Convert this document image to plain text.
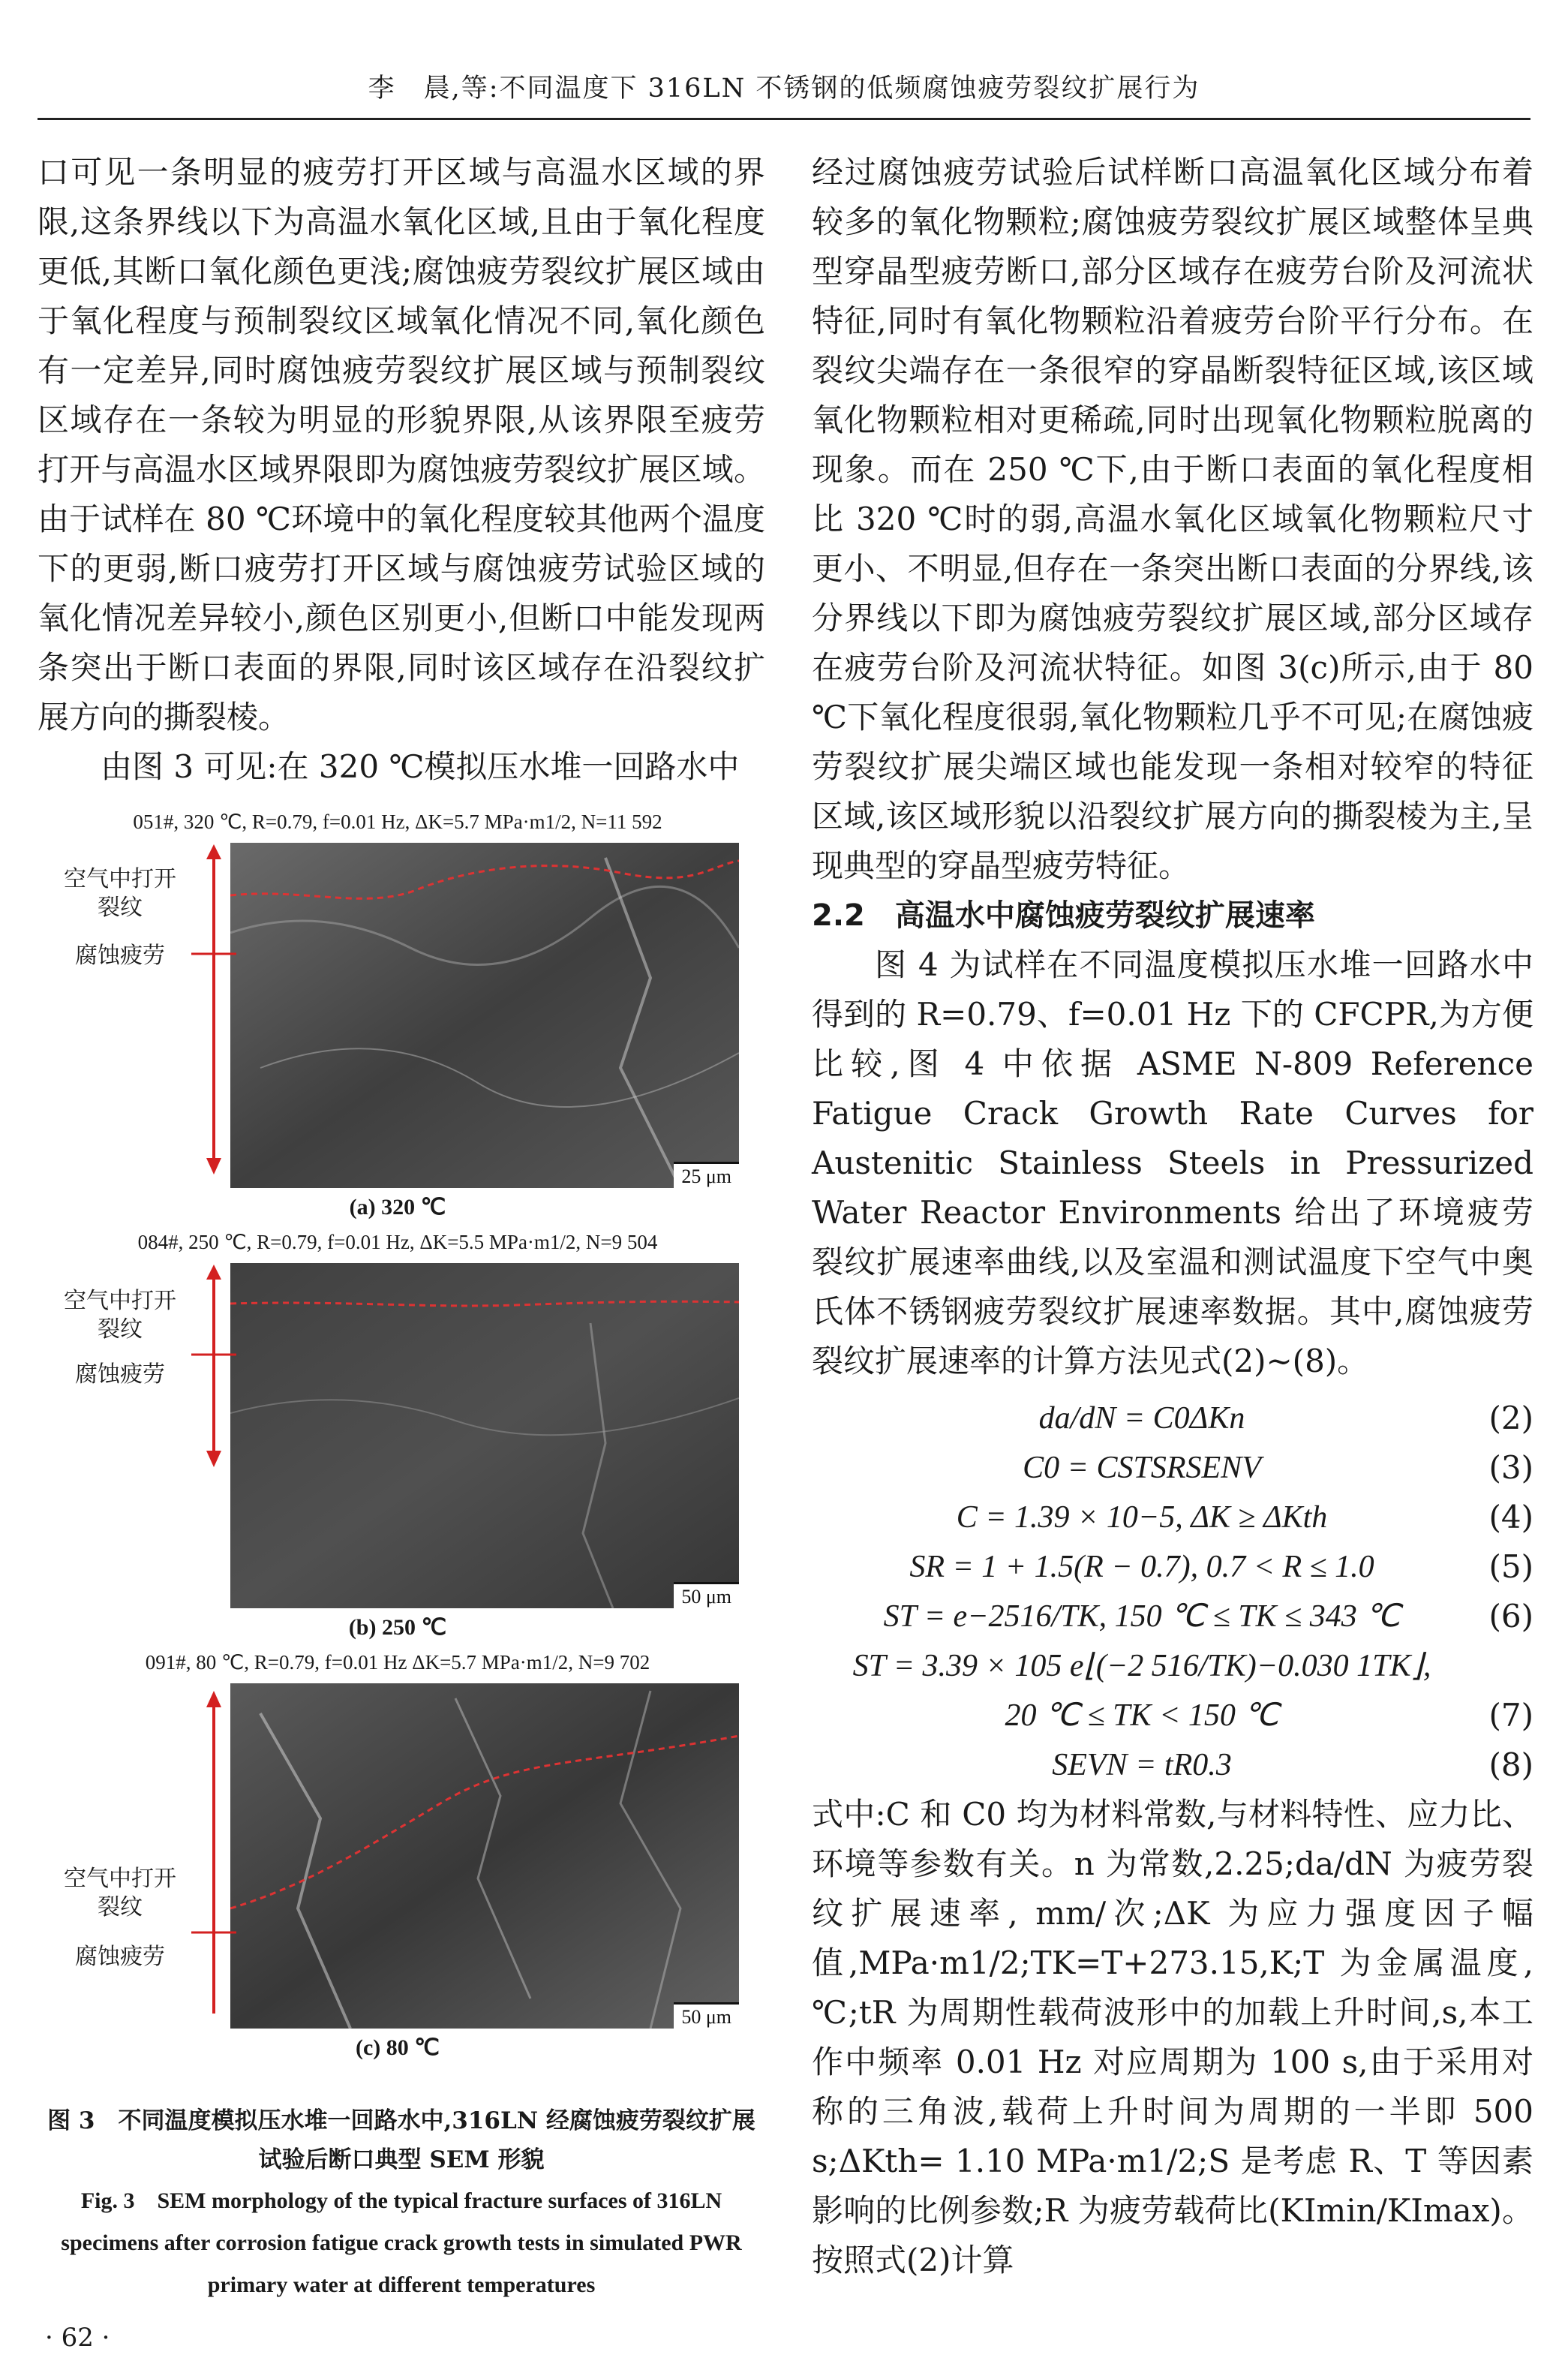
李　晨,等:不同温度下 316LN 不锈钢的低频腐蚀疲劳裂纹扩展行为

口可见一条明显的疲劳打开区域与高温水区域的界限,这条界线以下为高温水氧化区域,且由于氧化程度更低,其断口氧化颜色更浅;腐蚀疲劳裂纹扩展区域由于氧化程度与预制裂纹区域氧化情况不同,氧化颜色有一定差异,同时腐蚀疲劳裂纹扩展区域与预制裂纹区域存在一条较为明显的形貌界限,从该界限至疲劳打开与高温水区域界限即为腐蚀疲劳裂纹扩展区域。由于试样在 80 ℃环境中的氧化程度较其他两个温度下的更弱,断口疲劳打开区域与腐蚀疲劳试验区域的氧化情况差异较小,颜色区别更小,但断口中能发现两条突出于断口表面的界限,同时该区域存在沿裂纹扩展方向的撕裂棱。

由图 3 可见:在 320 ℃模拟压水堆一回路水中

051#, 320 ℃, R=0.79, f=0.01 Hz, ΔK=5.7 MPa·m1/2, N=11 592
25 μm
空气中打开裂纹
腐蚀疲劳
(a) 320 ℃
084#, 250 ℃, R=0.79, f=0.01 Hz, ΔK=5.5 MPa·m1/2, N=9 504
50 μm
空气中打开裂纹
腐蚀疲劳
(b) 250 ℃
091#, 80 ℃, R=0.79, f=0.01 Hz ΔK=5.7 MPa·m1/2, N=9 702
50 μm
空气中打开裂纹
腐蚀疲劳
(c) 80 ℃
图 3　不同温度模拟压水堆一回路水中,316LN 经腐蚀疲劳裂纹扩展试验后断口典型 SEM 形貌
Fig. 3　SEM morphology of the typical fracture surfaces of 316LN specimens after corrosion fatigue crack growth tests in simulated PWR primary water at different temperatures

经过腐蚀疲劳试验后试样断口高温氧化区域分布着较多的氧化物颗粒;腐蚀疲劳裂纹扩展区域整体呈典型穿晶型疲劳断口,部分区域存在疲劳台阶及河流状特征,同时有氧化物颗粒沿着疲劳台阶平行分布。在裂纹尖端存在一条很窄的穿晶断裂特征区域,该区域氧化物颗粒相对更稀疏,同时出现氧化物颗粒脱离的现象。而在 250 ℃下,由于断口表面的氧化程度相比 320 ℃时的弱,高温水氧化区域氧化物颗粒尺寸更小、不明显,但存在一条突出断口表面的分界线,该分界线以下即为腐蚀疲劳裂纹扩展区域,部分区域存在疲劳台阶及河流状特征。如图 3(c)所示,由于 80 ℃下氧化程度很弱,氧化物颗粒几乎不可见;在腐蚀疲劳裂纹扩展尖端区域也能发现一条相对较窄的特征区域,该区域形貌以沿裂纹扩展方向的撕裂棱为主,呈现典型的穿晶型疲劳特征。

2.2　高温水中腐蚀疲劳裂纹扩展速率

图 4 为试样在不同温度模拟压水堆一回路水中得到的 R=0.79、f=0.01 Hz 下的 CFCPR,为方便比较,图 4 中依据 ASME N-809 Reference Fatigue Crack Growth Rate Curves for Austenitic Stainless Steels in Pressurized Water Reactor Environments 给出了环境疲劳裂纹扩展速率曲线,以及室温和测试温度下空气中奥氏体不锈钢疲劳裂纹扩展速率数据。其中,腐蚀疲劳裂纹扩展速率的计算方法见式(2)~(8)。

da/dN = C0ΔKn	(2)
C0 = CSTSRSENV	(3)
C = 1.39 × 10−5, ΔK ≥ ΔKth	(4)
SR = 1 + 1.5(R − 0.7), 0.7 < R ≤ 1.0	(5)
ST = e−2516/TK, 150 ℃ ≤ TK ≤ 343 ℃	(6)
ST = 3.39 × 105 e⌊(−2 516/TK)−0.030 1TK⌋,
20 ℃ ≤ TK < 150 ℃	(7)
SEVN = tR0.3	(8)

式中:C 和 C0 均为材料常数,与材料特性、应力比、环境等参数有关。n 为常数,2.25;da/dN 为疲劳裂纹扩展速率, mm/次;ΔK 为应力强度因子幅值,MPa·m1/2;TK=T+273.15,K;T 为金属温度,℃;tR 为周期性载荷波形中的加载上升时间,s,本工作中频率 0.01 Hz 对应周期为 100 s,由于采用对称的三角波,载荷上升时间为周期的一半即 500 s;ΔKth= 1.10 MPa·m1/2;S 是考虑 R、T 等因素影响的比例参数;R 为疲劳载荷比(KImin/KImax)。按照式(2)计算

· 62 ·
